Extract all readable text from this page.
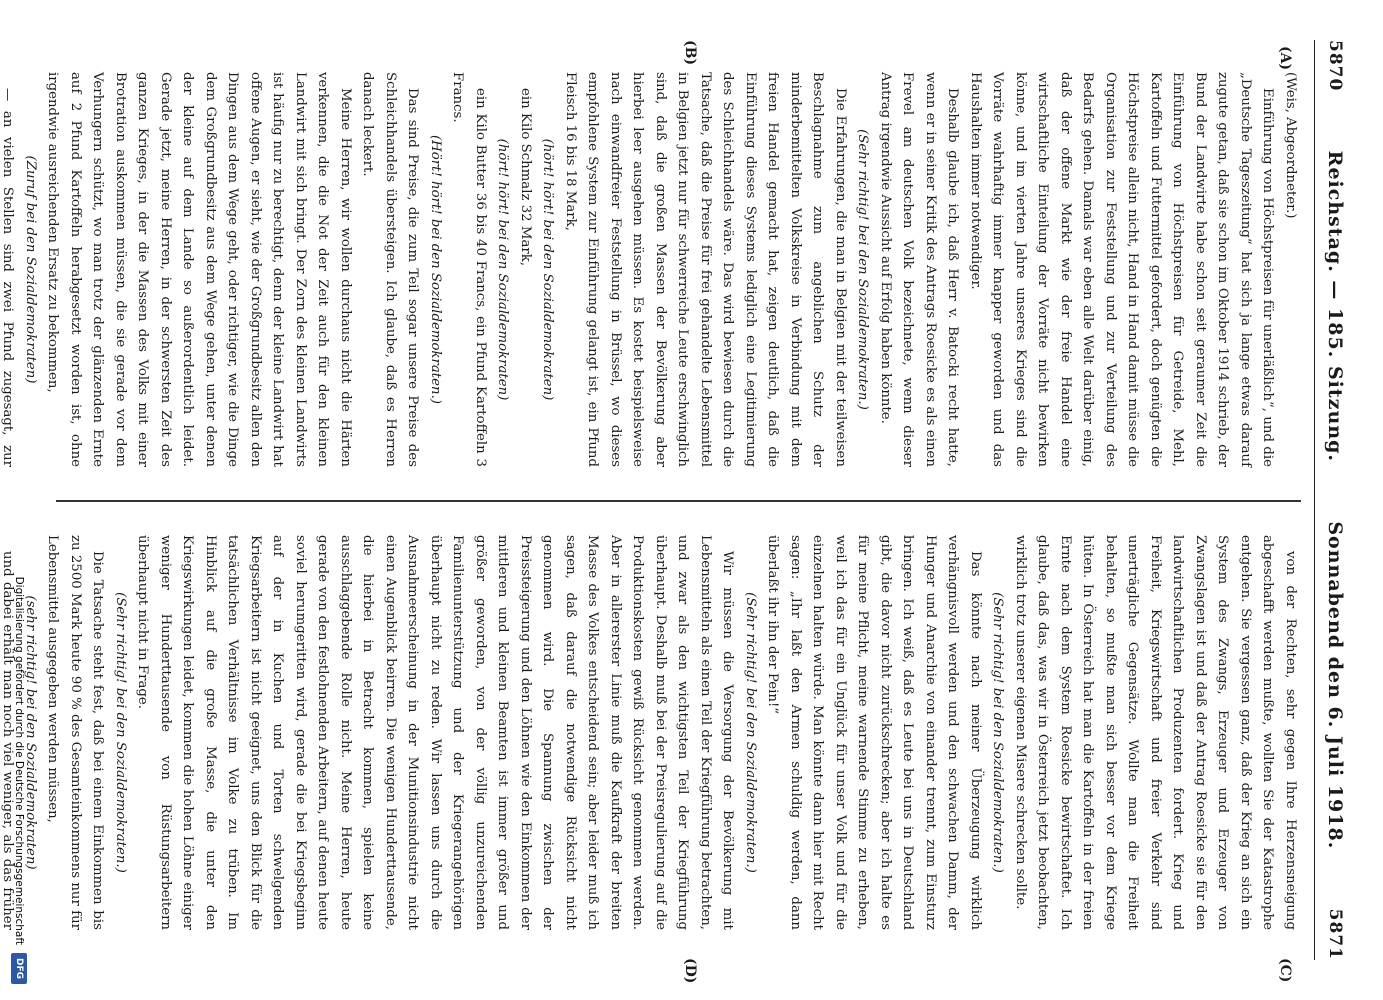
5870
Reichstag. — 185. Sitzung.
Sonnabend den 6. Juli 1918.
5871
(A)
(B)
(C)
(D)

(Weis, Abgeordneter.)

Einführung von Höchstpreisen für unerläßlich“, und die „Deutsche Tageszeitung“ hat sich ja lange etwas darauf zugute getan, daß sie schon im Oktober 1914 schrieb, der Bund der Landwirte habe schon seit geraumer Zeit die Einführung von Höchstpreisen für Getreide, Mehl, Kartoffeln und Futtermittel gefordert, doch genügten die Höchstpreise allein nicht, Hand in Hand damit müsse die Organisation zur Feststellung und zur Verteilung des Bedarfs gehen. Damals war eben alle Welt darüber einig, daß der offene Markt wie der freie Handel eine wirtschaftliche Einteilung der Vorräte nicht bewirken könne, und im vierten Jahre unseres Krieges sind die Vorräte wahrhaftig immer knapper geworden und das Haushalten immer notwendiger.

Deshalb glaube ich, daß Herr v. Batocki recht hatte, wenn er in seiner Kritik des Antrags Roesicke es als einen Frevel am deutschen Volk bezeichnete, wenn dieser Antrag irgendwie Aussicht auf Erfolg haben könnte.

(Sehr richtig! bei den Sozialdemokraten.)

Die Erfahrungen, die man in Belgien mit der teilweisen Beschlagnahme zum angeblichen Schutz der minderbemittelten Volkskreise in Verbindung mit dem freien Handel gemacht hat, zeigen deutlich, daß die Einführung dieses Systems lediglich eine Legitimierung des Schleichhandels wäre. Das wird bewiesen durch die Tatsache, daß die Preise für frei gehandelte Lebensmittel in Belgien jetzt nur für schwerreiche Leute erschwinglich sind, daß die großen Massen der Bevölkerung aber hierbei leer ausgehen müssen. Es kostet beispielsweise nach einwandfreier Feststellung in Brüssel, wo dieses empfohlene System zur Einführung gelangt ist, ein Pfund Fleisch 16 bis 18 Mark,

(hört! hört! bei den Sozialdemokraten)

ein Kilo Schmalz 32 Mark,

(hört! hört! bei den Sozialdemokraten)

ein Kilo Butter 36 bis 40 Francs, ein Pfund Kartoffeln 3 Francs.

(Hört! hört! bei den Sozialdemokraten.)

Das sind Preise, die zum Teil sogar unsere Preise des Schleichhandels übersteigen. Ich glaube, daß es Herren danach leckert.

Meine Herren, wir wollen durchaus nicht die Härten verkennen, die die Not der Zeit auch für den kleinen Landwirt mit sich bringt. Der Zorn des kleinen Landwirts ist häufig nur zu berechtigt, denn der kleine Landwirt hat offene Augen, er sieht, wie der Großgrundbesitz allen den Dingen aus dem Wege geht, oder richtiger, wie die Dinge dem Großgrundbesitz aus dem Wege gehen, unter denen der kleine auf dem Lande so außerordentlich leidet. Gerade jetzt, meine Herren, in der schwersten Zeit des ganzen Krieges, in der die Massen des Volks mit einer Brotration auskommen müssen, die sie gerade vor dem Verhungern schützt, wo man trotz der glänzenden Ernte auf 2 Pfund Kartoffeln herabgesetzt worden ist, ohne irgendwie ausreichenden Ersatz zu bekommen,

(Zuruf bei den Sozialdemokraten)

— an vielen Stellen sind zwei Pfund zugesagt, zur

von der Rechten, sehr gegen Ihre Herzensneigung abgeschafft werden mußte, wollten Sie der Katastrophe entgehen. Sie vergessen ganz, daß der Krieg an sich ein System des Zwangs, Erzeuger und Erzeuger von Zwangslagen ist und daß der Antrag Roesicke sie für den landwirtschaftlichen Produzenten fordert. Krieg und Freiheit, Kriegswirtschaft und freier Verkehr sind unerträgliche Gegensätze. Wollte man die Freiheit behalten, so mußte man sich besser vor dem Kriege hüten. In Österreich hat man die Kartoffeln in der freien Ernte nach dem System Roesicke bewirtschaftet. Ich glaube, daß das, was wir in Österreich jetzt beobachten, wirklich trotz unserer eigenen Misere schrecken sollte.

(Sehr richtig! bei den Sozialdemokraten.)

Das könnte nach meiner Überzeugung wirklich verhängnisvoll werden und den schwachen Damm, der Hunger und Anarchie von einander trennt, zum Einsturz bringen. Ich weiß, daß es Leute bei uns in Deutschland gibt, die davor nicht zurückschrecken; aber ich halte es für meine Pflicht, meine warnende Stimme zu erheben, weil ich das für ein Unglück für unser Volk und für die einzelnen halten würde. Man könnte dann hier mit Recht sagen: „Ihr laßt den Armen schuldig werden, dann überlaßt ihr ihn der Pein!“

(Sehr richtig! bei den Sozialdemokraten.)

Wir müssen die Versorgung der Bevölkerung mit Lebensmitteln als einen Teil der Kriegführung betrachten, und zwar als den wichtigsten Teil der Kriegführung überhaupt. Deshalb muß bei der Preisregulierung auf die Produktionskosten gewiß Rücksicht genommen werden. Aber in allererster Linie muß die Kaufkraft der breiten Masse des Volkes entscheidend sein; aber leider muß ich sagen, daß darauf die notwendige Rücksicht nicht genommen wird. Die Spannung zwischen der Preissteigerung und den Löhnen wie den Einkommen der mittleren und kleinen Beamten ist immer größer und größer geworden, von der völlig unzureichenden Familienunterstützung und der Kriegerangehörigen überhaupt nicht zu reden. Wir lassen uns durch die Ausnahmeerscheinung in der Munitionsindustrie nicht einen Augenblick beirren. Die wenigen Hunderttausende, die hierbei in Betracht kommen, spielen keine ausschlaggebende Rolle nicht. Meine Herren, heute gerade von den festlohnenden Arbeitern, auf denen heute soviel herumgeritten wird, gerade die bei Kriegsbeginn auf der in Kuchen und Torten schwelgenden Kriegsarbeitern ist nicht geeignet, uns den Blick für die tatsächlichen Verhältnisse im Volke zu trüben. Im Hinblick auf die große Masse, die unter den Kriegswirkungen leidet, kommen die hohen Löhne einiger weniger Hunderttausende von Rüstungsarbeitern überhaupt nicht in Frage.

(Sehr richtig! bei den Sozialdemokraten.)

Die Tatsache steht fest, daß bei einem Einkommen bis zu 2500 Mark heute 90 % des Gesamteinkommens nur für Lebensmittel ausgegeben werden müssen,

(sehr richtig! bei den Sozialdemokraten)

und dabei erhält man noch viel weniger, als das früher

Digitalisierung gefördert durch die Deutsche Forschungsgemeinschaft
DFG
